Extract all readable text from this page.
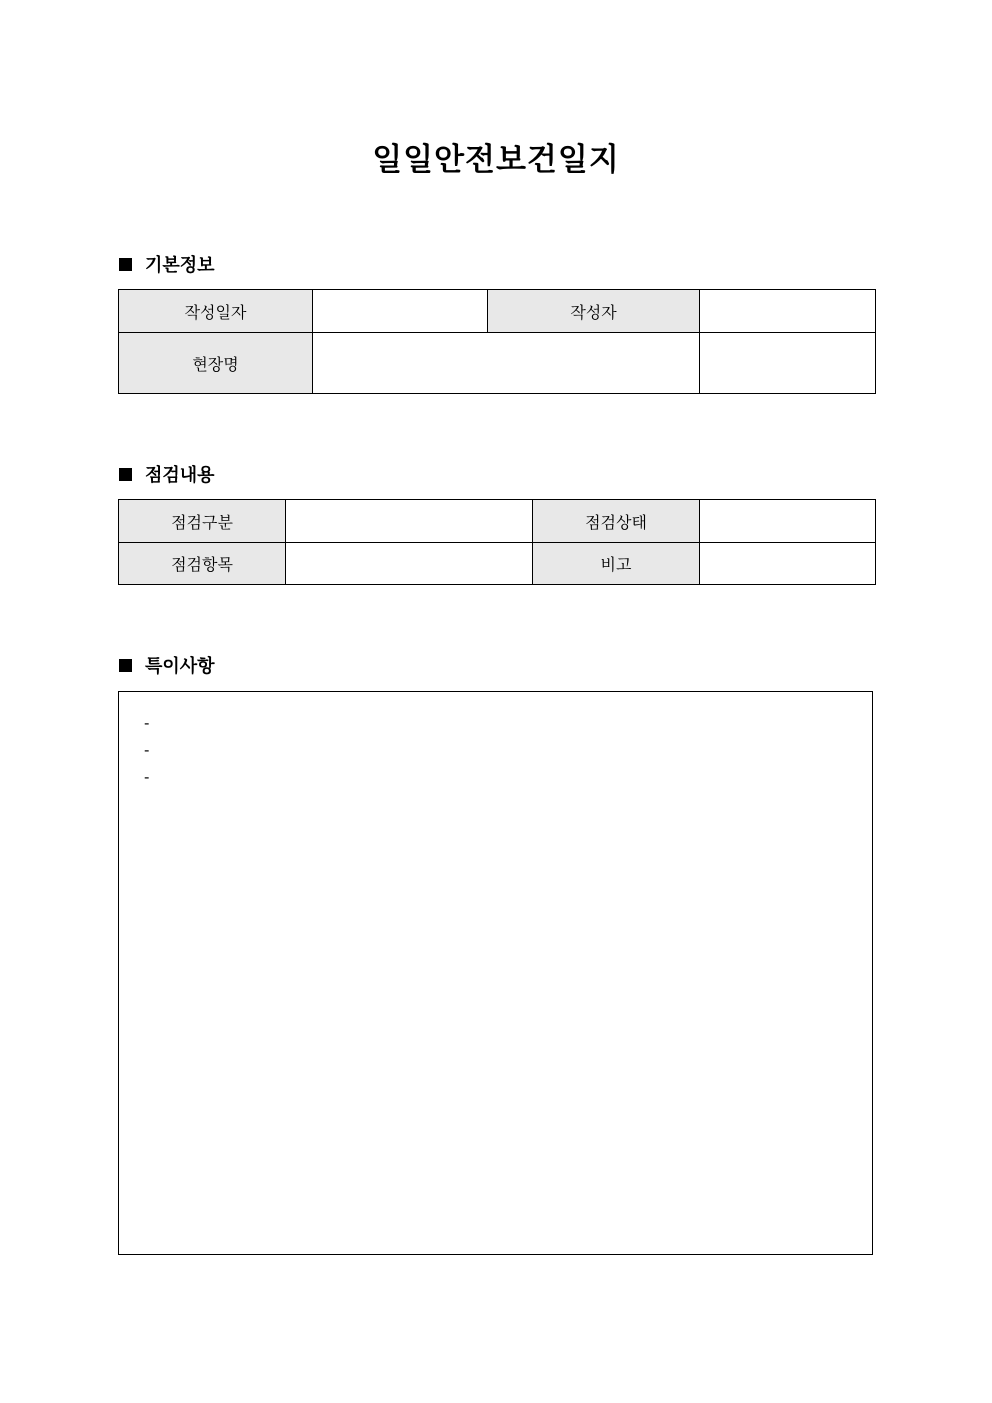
일일안전보건일지
기본정보
작성일자		작성자	
현장명			
점검내용
점검구분		점검상태	
점검항목		비고	
특이사항
-
-
-
